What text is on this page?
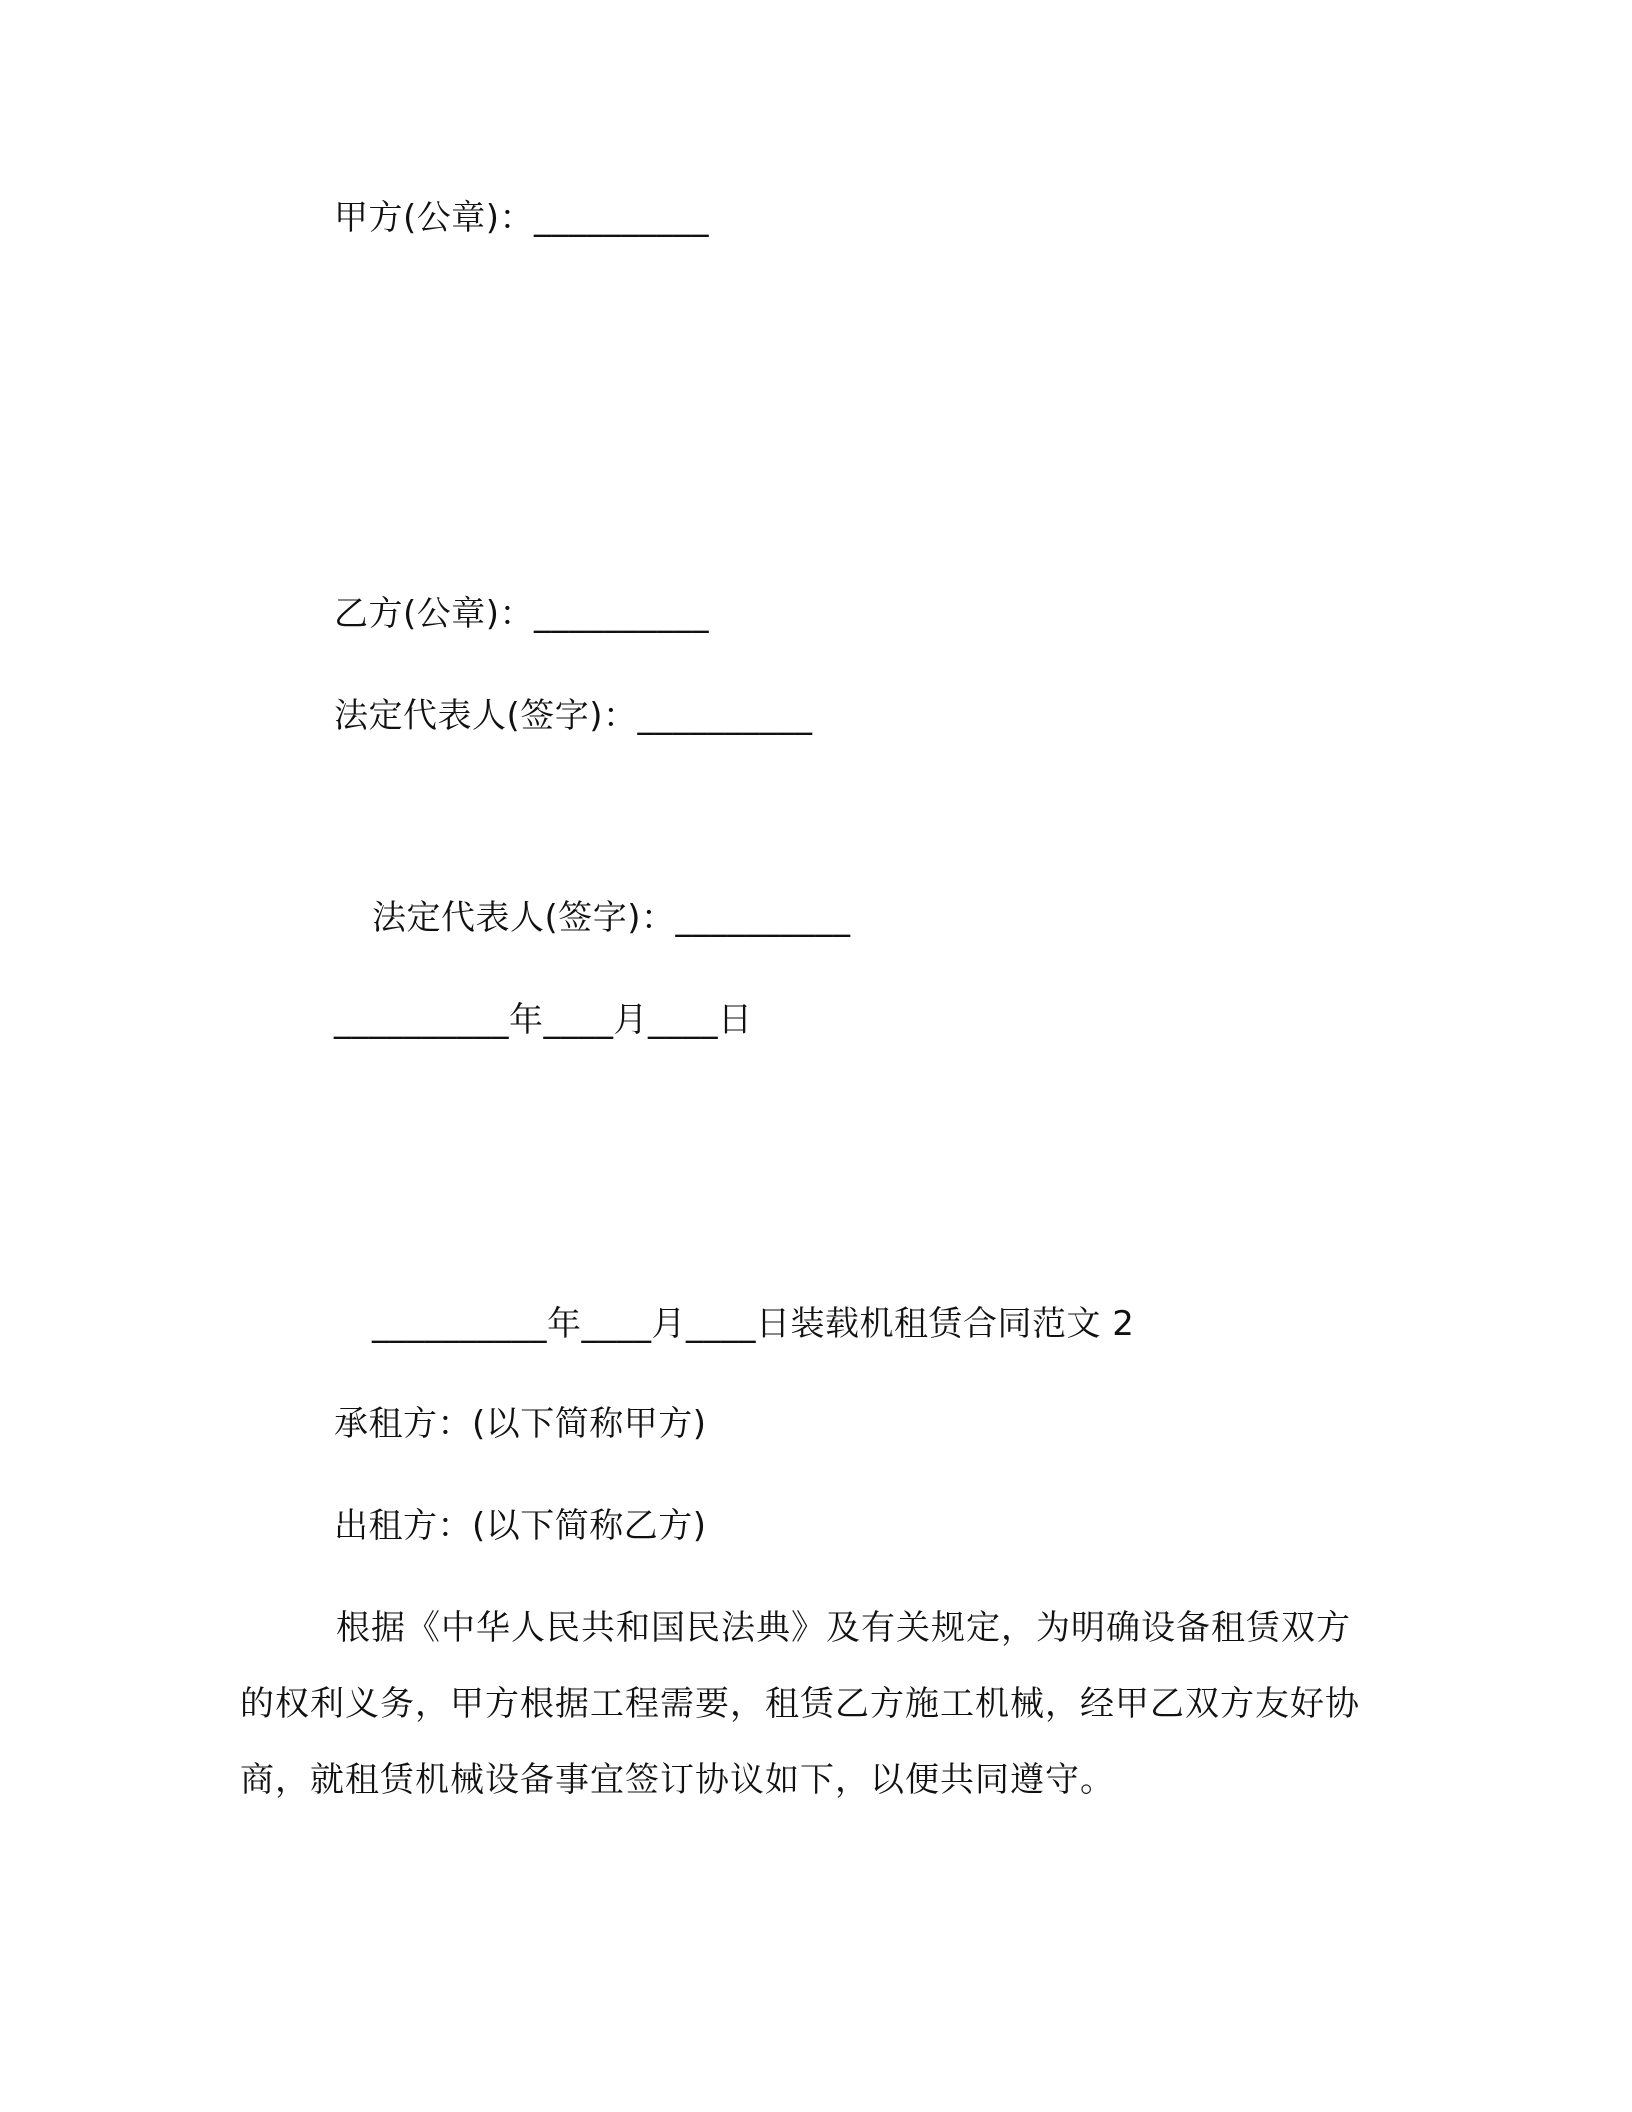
甲方(公章)：__________
乙方(公章)：__________
法定代表人(签字)：__________
法定代表人(签字)：__________
__________年____月____日
__________年____月____日装载机租赁合同范文 2
承租方：(以下简称甲方)
出租方：(以下简称乙方)
根据《中华人民共和国民法典》及有关规定，为明确设备租赁双方的权利义务，甲方根据工程需要，租赁乙方施工机械，经甲乙双方友好协商，就租赁机械设备事宜签订协议如下，以便共同遵守。
